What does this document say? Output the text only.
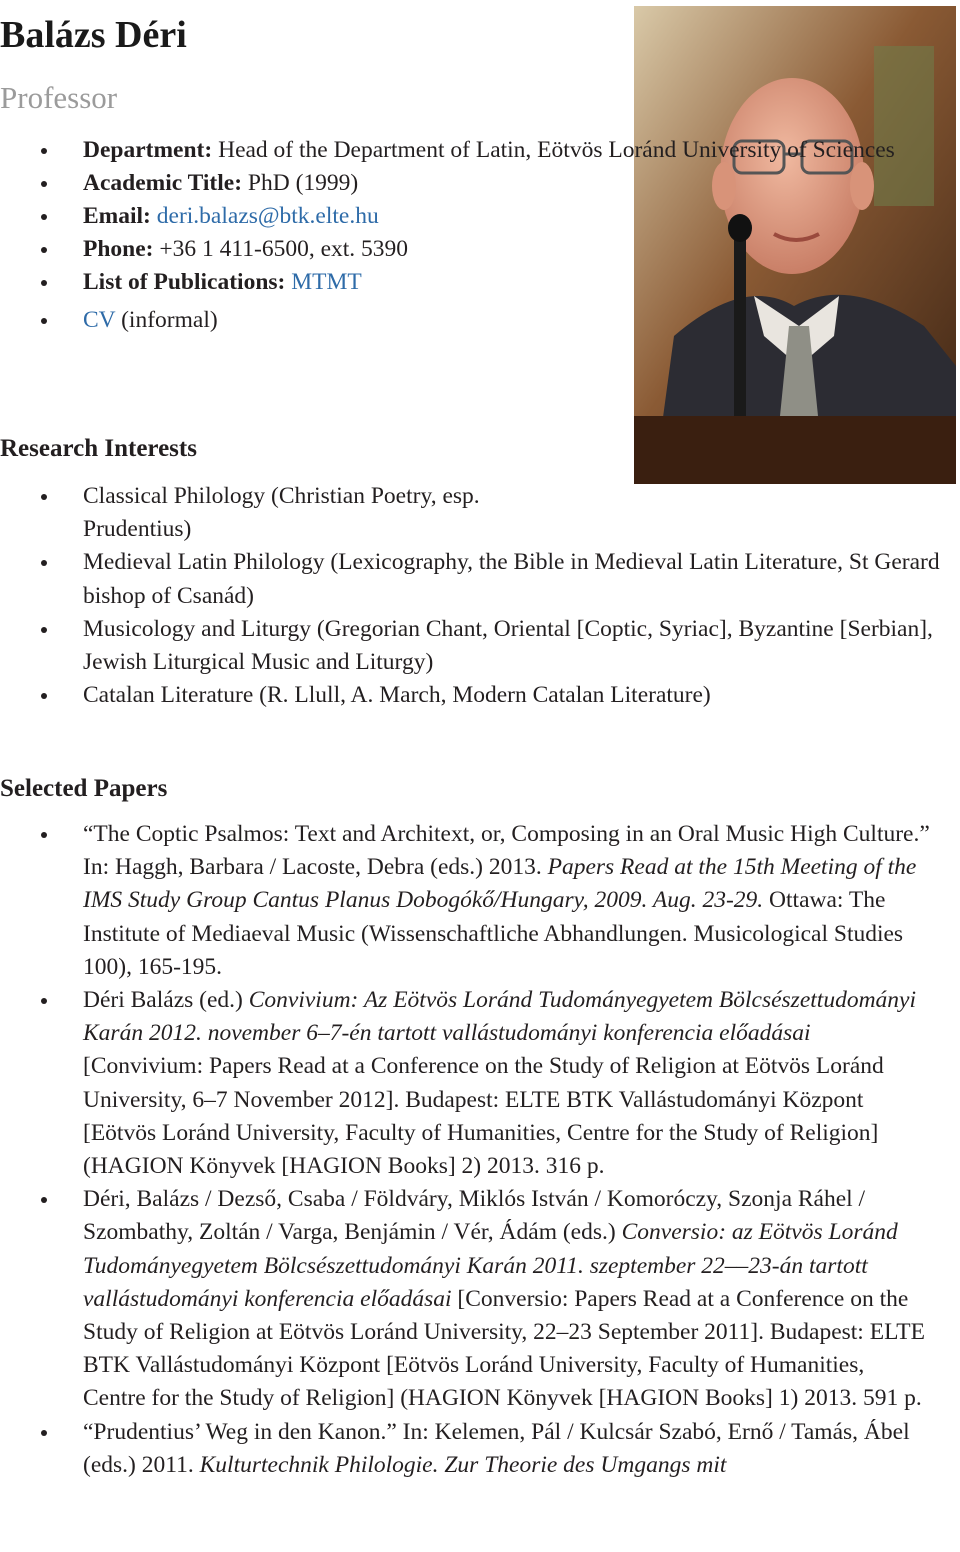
Balázs Déri

Professor

Department: Head of the Department of Latin, Eötvös Loránd University of Sciences
Academic Title: PhD (1999)
Email: deri.balazs@btk.elte.hu
Phone: +36 1 411-6500, ext. 5390
List of Publications: MTMT
CV (informal)
Research Interests
Classical Philology (Christian Poetry, esp. Prudentius)
Medieval Latin Philology (Lexicography, the Bible in Medieval Latin Literature, St Gerard bishop of Csanád)
Musicology and Liturgy (Gregorian Chant, Oriental [Coptic, Syriac], Byzantine [Serbian], Jewish Liturgical Music and Liturgy)
Catalan Literature (R. Llull, A. March, Modern Catalan Literature)
Selected Papers
“The Coptic Psalmos: Text and Architext, or, Composing in an Oral Music High Culture.” In: Haggh, Barbara / Lacoste, Debra (eds.) 2013. Papers Read at the 15th Meeting of the IMS Study Group Cantus Planus Dobogókő/Hungary, 2009. Aug. 23-29. Ottawa: The Institute of Mediaeval Music (Wissenschaftliche Abhandlungen. Musicological Studies 100), 165-195.
Déri Balázs (ed.) Convivium: Az Eötvös Loránd Tudományegyetem Bölcsészettudományi Karán 2012. november 6–7-én tartott vallástudományi konferencia előadásai [Convivium: Papers Read at a Conference on the Study of Religion at Eötvös Loránd University, 6–7 November 2012]. Budapest: ELTE BTK Vallástudományi Központ [Eötvös Loránd University, Faculty of Humanities, Centre for the Study of Religion] (HAGION Könyvek [HAGION Books] 2) 2013. 316 p.
Déri, Balázs / Dezső, Csaba / Földváry, Miklós István / Komoróczy, Szonja Ráhel / Szombathy, Zoltán / Varga, Benjámin / Vér, Ádám (eds.) Conversio: az Eötvös Loránd Tudományegyetem Bölcsészettudományi Karán 2011. szeptember 22––23-án tartott vallástudományi konferencia előadásai [Conversio: Papers Read at a Conference on the Study of Religion at Eötvös Loránd University, 22–23 September 2011]. Budapest: ELTE BTK Vallástudományi Központ [Eötvös Loránd University, Faculty of Humanities, Centre for the Study of Religion] (HAGION Könyvek [HAGION Books] 1) 2013. 591 p.
“Prudentius’ Weg in den Kanon.” In: Kelemen, Pál / Kulcsár Szabó, Ernő / Tamás, Ábel (eds.) 2011. Kulturtechnik Philologie. Zur Theorie des Umgangs mit
